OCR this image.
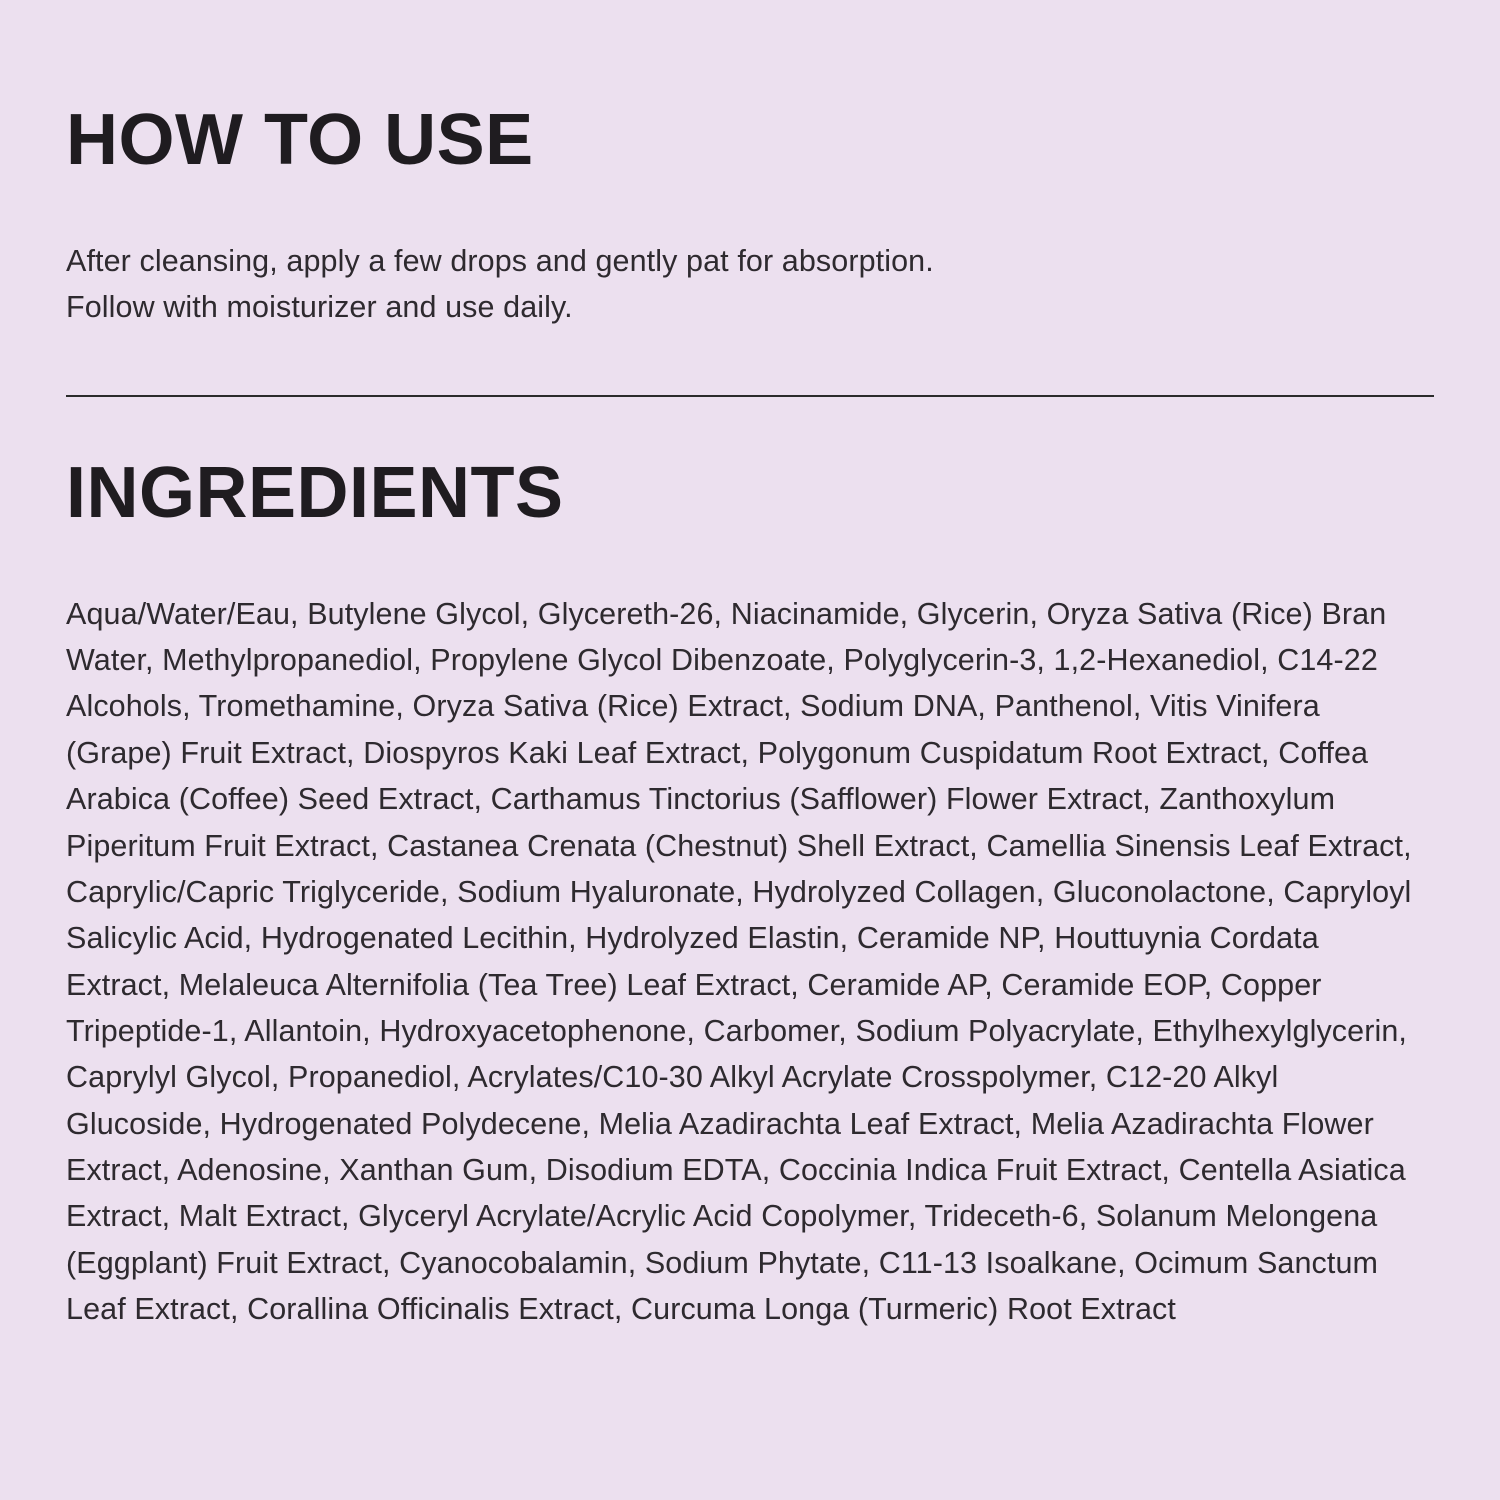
HOW TO USE
After cleansing, apply a few drops and gently pat for absorption.
Follow with moisturizer and use daily.
INGREDIENTS

Aqua/Water/Eau, Butylene Glycol, Glycereth-26, Niacinamide, Glycerin, Oryza Sativa (Rice) Bran Water, Methylpropanediol, Propylene Glycol Dibenzoate, Polyglycerin-3, 1,2-Hexanediol, C14-22 Alcohols, Tromethamine, Oryza Sativa (Rice) Extract, Sodium DNA, Panthenol, Vitis Vinifera (Grape) Fruit Extract, Diospyros Kaki Leaf Extract, Polygonum Cuspidatum Root Extract, Coffea Arabica (Coffee) Seed Extract, Carthamus Tinctorius (Safflower) Flower Extract, Zanthoxylum Piperitum Fruit Extract, Castanea Crenata (Chestnut) Shell Extract, Camellia Sinensis Leaf Extract, Caprylic/Capric Triglyceride, Sodium Hyaluronate, Hydrolyzed Collagen, Gluconolactone, Capryloyl Salicylic Acid, Hydrogenated Lecithin, Hydrolyzed Elastin, Ceramide NP, Houttuynia Cordata Extract, Melaleuca Alternifolia (Tea Tree) Leaf Extract, Ceramide AP, Ceramide EOP, Copper Tripeptide-1, Allantoin, Hydroxyacetophenone, Carbomer, Sodium Polyacrylate, Ethylhexylglycerin, Caprylyl Glycol, Propanediol, Acrylates/C10-30 Alkyl Acrylate Crosspolymer, C12-20 Alkyl Glucoside, Hydrogenated Polydecene, Melia Azadirachta Leaf Extract, Melia Azadirachta Flower Extract, Adenosine, Xanthan Gum, Disodium EDTA, Coccinia Indica Fruit Extract, Centella Asiatica Extract, Malt Extract, Glyceryl Acrylate/Acrylic Acid Copolymer, Trideceth-6, Solanum Melongena (Eggplant) Fruit Extract, Cyanocobalamin, Sodium Phytate, C11-13 Isoalkane, Ocimum Sanctum Leaf Extract, Corallina Officinalis Extract, Curcuma Longa (Turmeric) Root Extract
